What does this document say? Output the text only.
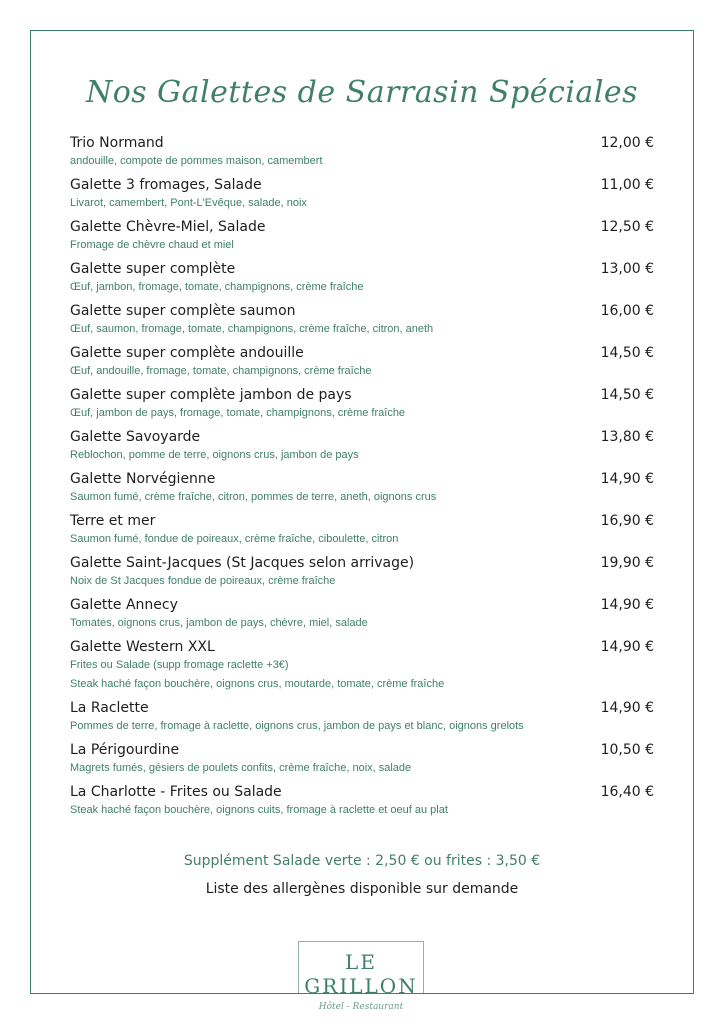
Nos Galettes de Sarrasin Spéciales
Trio Normand	12,00 €
andouille, compote de pommes maison, camembert
Galette 3 fromages, Salade	11,00 €
Livarot, camembert, Pont-L'Evêque, salade, noix
Galette Chèvre-Miel, Salade	12,50 €
Fromage de chèvre chaud et miel
Galette super complète	13,00 €
Œuf, jambon, fromage, tomate, champignons, crème fraîche
Galette super complète saumon	16,00 €
Œuf, saumon, fromage, tomate, champignons, crème fraîche, citron, aneth
Galette super complète andouille	14,50 €
Œuf, andouille, fromage, tomate, champignons, crème fraîche
Galette super complète jambon de pays	14,50 €
Œuf, jambon de pays, fromage, tomate, champignons, crème fraîche
Galette Savoyarde	13,80 €
Reblochon, pomme de terre, oignons crus, jambon de pays
Galette Norvégienne	14,90 €
Saumon fumé, crème fraîche, citron, pommes de terre, aneth, oignons crus
Terre et mer	16,90 €
Saumon fumé, fondue de poireaux, crème fraîche, ciboulette, citron
Galette Saint-Jacques (St Jacques selon arrivage)	19,90 €
Noix de St Jacques fondue de poireaux, crème fraîche
Galette Annecy	14,90 €
Tomates, oignons crus, jambon de pays, chèvre, miel, salade
Galette Western XXL	14,90 €
Frites ou Salade (supp fromage raclette +3€)
Steak haché façon bouchère, oignons crus, moutarde, tomate, crème fraîche
La Raclette	14,90 €
Pommes de terre, fromage à raclette, oignons crus, jambon de pays et blanc, oignons grelots
La Périgourdine	10,50 €
Magrets fumés, gésiers de poulets confits, crème fraîche, noix, salade
La Charlotte - Frites ou Salade	16,40 €
Steak haché façon bouchère, oignons cuits, fromage à raclette et oeuf au plat
Supplément Salade verte : 2,50 € ou frites : 3,50 €
Liste des allergènes disponible sur demande
LE GRILLON
Hôtel - Restaurant
